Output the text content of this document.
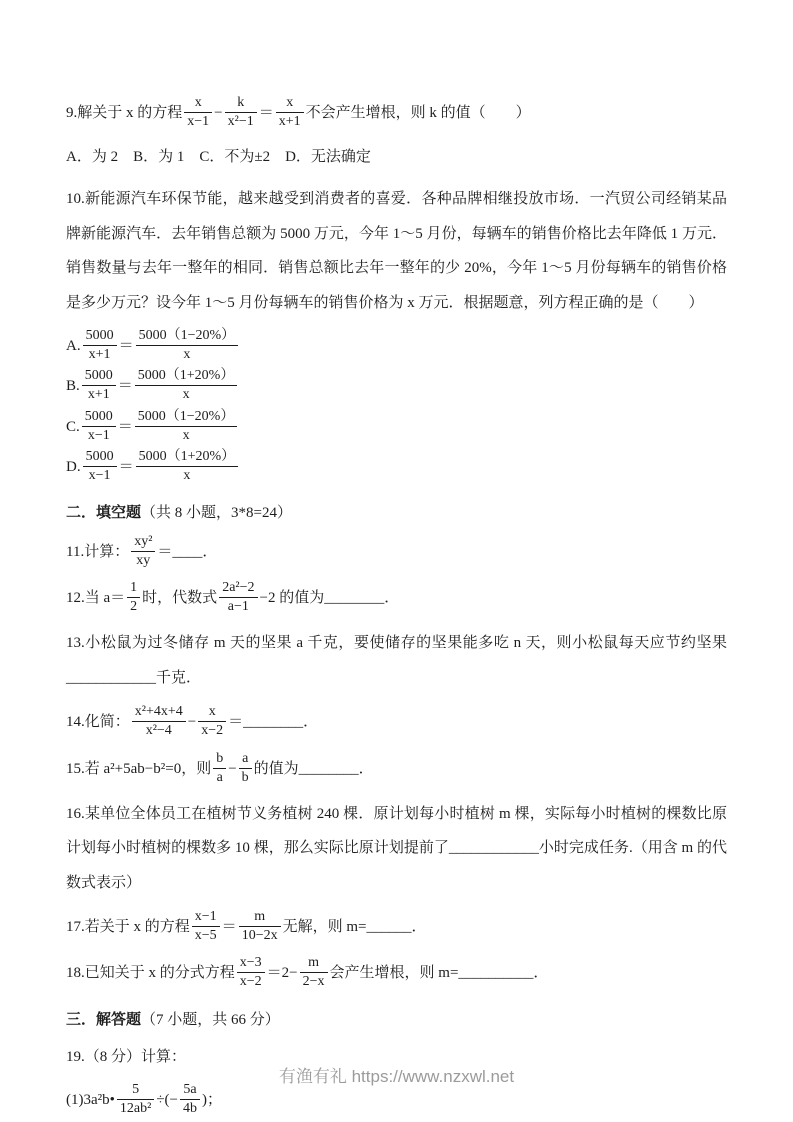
9.解关于 x 的方程 $\frac{x}{x-1} - \frac{k}{\text{x²−1}} = \frac{x}{x+1}$ 不会产生增根，则 k 的值（　　）
A．为 2　B．为 1　C．不为±2　D．无法确定
10.新能源汽车环保节能，越来越受到消费者的喜爱．各种品牌相继投放市场．一汽贸公司经销某品牌新能源汽车．去年销售总额为 5000 万元，今年 1～5 月份，每辆车的销售价格比去年降低 1 万元．销售数量与去年一整年的相同．销售总额比去年一整年的少 20%，今年 1～5 月份每辆车的销售价格是多少万元？设今年 1～5 月份每辆车的销售价格为 x 万元．根据题意，列方程正确的是（　　）
A. $\frac{5000}{x+1} = \frac{5000(1-20\%)}{x}$
B. $\frac{5000}{x+1} = \frac{5000(1+20\%)}{x}$
C. $\frac{5000}{x-1} = \frac{5000(1-20\%)}{x}$
D. $\frac{5000}{x-1} = \frac{5000(1+20\%)}{x}$
二．填空题（共 8 小题，3*8=24）
11.计算： $\frac{\text{xy²}}{xy}$ ＝____．
12.当 $a= \frac{1}{2}$ 时，代数式 $\frac{\text{2a²−2}}{a-1} -2$ 的值为________．
13.小松鼠为过冬储存 m 天的坚果 a 千克，要使储存的坚果能多吃 n 天，则小松鼠每天应节约坚果____________千克．
14.化简： $\frac{\text{x²+4x+4}}{\text{x²−4}} - \frac{x}{x-2}$ ＝________．
15.若 a²+5ab−b²=0，则 $\frac{b}{a} - \frac{a}{b}$ 的值为________．
16.某单位全体员工在植树节义务植树 240 棵．原计划每小时植树 m 棵，实际每小时植树的棵数比原计划每小时植树的棵数多 10 棵，那么实际比原计划提前了____________小时完成任务.（用含 m 的代数式表示）
17.若关于 x 的方程 $\frac{x-1}{x-5} = \frac{m}{10-2x}$ 无解，则 m=______．
18.已知关于 x 的分式方程 $\frac{x-3}{x-2} =2- \frac{m}{2-x}$ 会产生增根，则 m=__________．
三．解答题（7 小题，共 66 分）
19.（8 分）计算：
(1)3a²b• $\frac{5}{\text{12ab²}}$ ÷(− $\frac{5a}{4b}$ )；
有渔有礼 https://www.nzxwl.net
